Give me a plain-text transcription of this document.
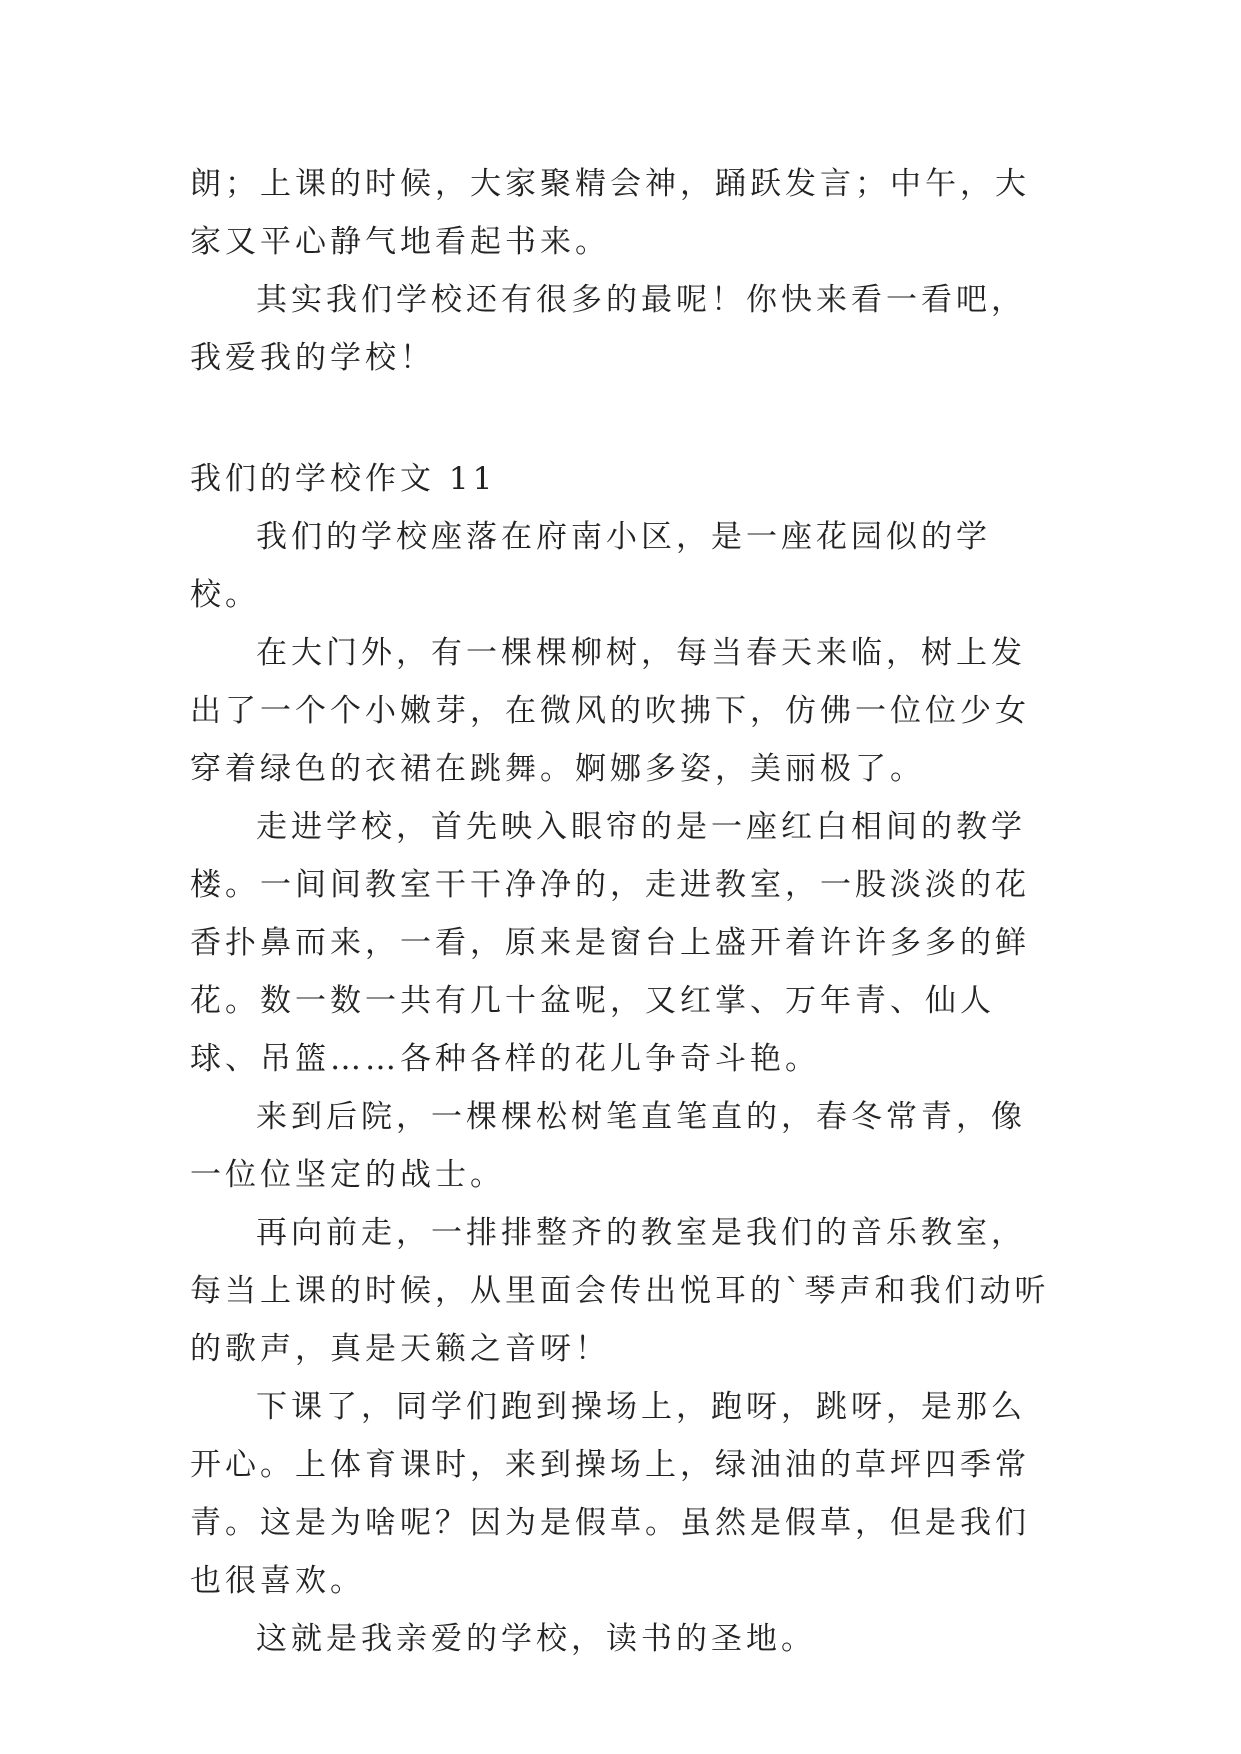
朗；上课的时候，大家聚精会神，踊跃发言；中午，大家又平心静气地看起书来。

其实我们学校还有很多的最呢！你快来看一看吧，我爱我的学校！

我们的学校作文 11

我们的学校座落在府南小区，是一座花园似的学校。

在大门外，有一棵棵柳树，每当春天来临，树上发出了一个个小嫩芽，在微风的吹拂下，仿佛一位位少女穿着绿色的衣裙在跳舞。婀娜多姿，美丽极了。

走进学校，首先映入眼帘的是一座红白相间的教学楼。一间间教室干干净净的，走进教室，一股淡淡的花香扑鼻而来，一看，原来是窗台上盛开着许许多多的鲜花。数一数一共有几十盆呢，又红掌、万年青、仙人球、吊篮……各种各样的花儿争奇斗艳。

来到后院，一棵棵松树笔直笔直的，春冬常青，像一位位坚定的战士。

再向前走，一排排整齐的教室是我们的音乐教室，每当上课的时候，从里面会传出悦耳的`琴声和我们动听的歌声，真是天籁之音呀！

下课了，同学们跑到操场上，跑呀，跳呀，是那么开心。上体育课时，来到操场上，绿油油的草坪四季常青。这是为啥呢？因为是假草。虽然是假草，但是我们也很喜欢。

这就是我亲爱的学校，读书的圣地。
